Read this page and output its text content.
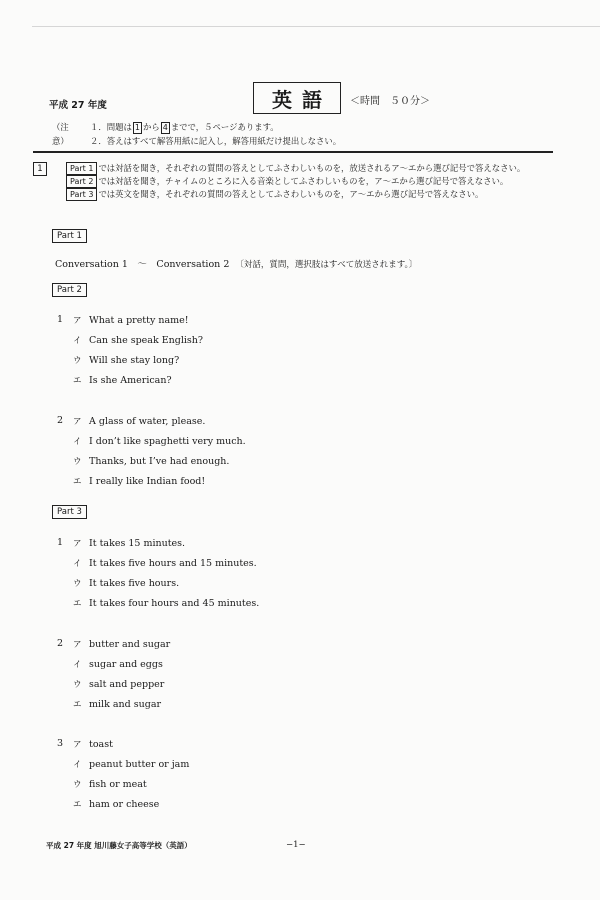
平成 27 年度	英語	＜時間　５０分＞
（注意）
１．問題は 1 から 4 までで，５ページあります。
２．答えはすべて解答用紙に記入し，解答用紙だけ提出しなさい。
1	Part 1 では対話を聞き，それぞれの質問の答えとしてふさわしいものを，放送されるア〜エから選び記号で答えなさい。
Part 2 では対話を聞き，チャイムのところに入る音楽としてふさわしいものを，ア〜エから選び記号で答えなさい。
Part 3 では英文を聞き，それぞれの質問の答えとしてふさわしいものを，ア〜エから選び記号で答えなさい。
Part 1
Conversation 1　〜　Conversation 2 〔対話，質問，選択肢はすべて放送されます。〕
Part 2
1 ア What a pretty name!
イ Can she speak English?
ウ Will she stay long?
エ Is she American?
2 ア A glass of water, please.
イ I don’t like spaghetti very much.
ウ Thanks, but I’ve had enough.
エ I really like Indian food!
Part 3
1 ア It takes 15 minutes.
イ It takes five hours and 15 minutes.
ウ It takes five hours.
エ It takes four hours and 45 minutes.
2 ア butter and sugar
イ sugar and eggs
ウ salt and pepper
エ milk and sugar
3 ア toast
イ peanut butter or jam
ウ fish or meat
エ ham or cheese
平成 27 年度 旭川藤女子高等学校（英語）	−1−
